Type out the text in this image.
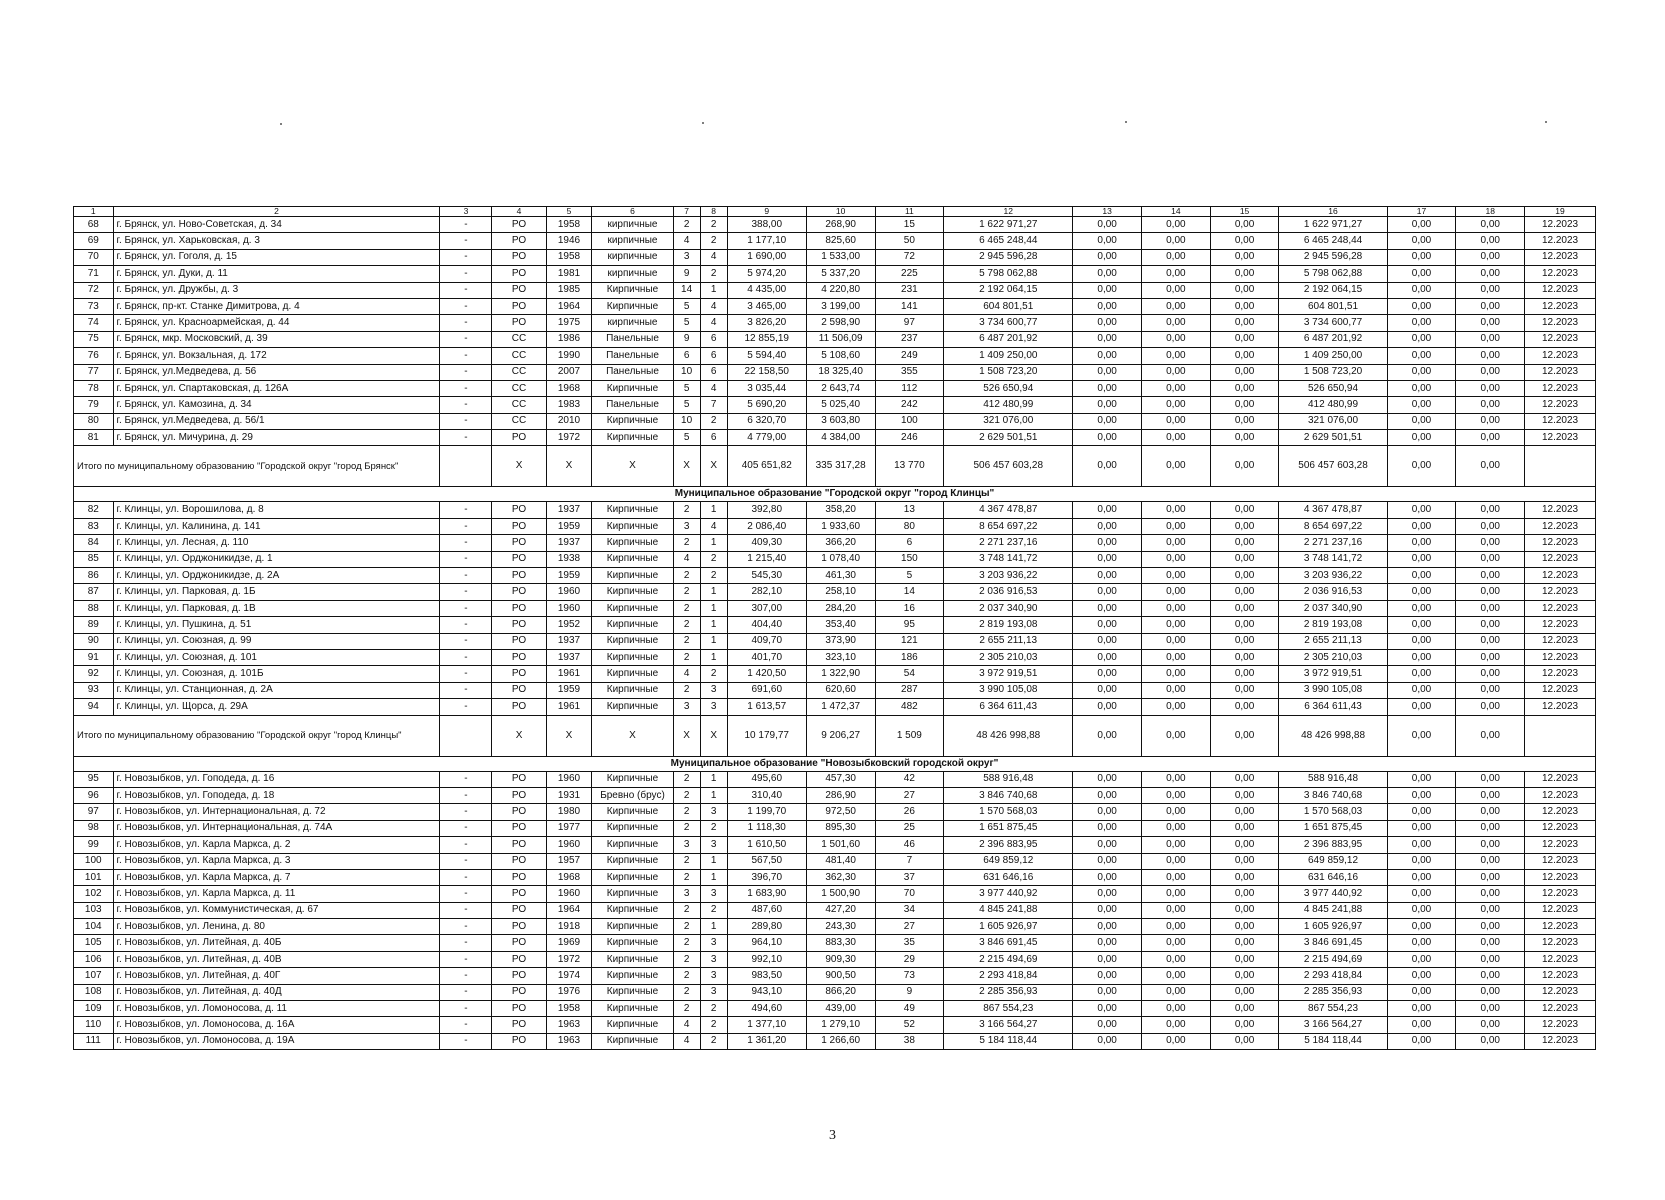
1	2	3	4	5	6	7	8	9	10	11	12	13	14	15	16	17	18	19
68	г. Брянск, ул. Ново-Советская, д. 34	-	РО	1958	кирпичные	2	2	388,00	268,90	15	1 622 971,27	0,00	0,00	0,00	1 622 971,27	0,00	0,00	12.2023
69	г. Брянск, ул. Харьковская, д. 3	-	РО	1946	кирпичные	4	2	1 177,10	825,60	50	6 465 248,44	0,00	0,00	0,00	6 465 248,44	0,00	0,00	12.2023
70	г. Брянск, ул. Гоголя, д. 15	-	РО	1958	кирпичные	3	4	1 690,00	1 533,00	72	2 945 596,28	0,00	0,00	0,00	2 945 596,28	0,00	0,00	12.2023
71	г. Брянск, ул. Дуки, д. 11	-	РО	1981	кирпичные	9	2	5 974,20	5 337,20	225	5 798 062,88	0,00	0,00	0,00	5 798 062,88	0,00	0,00	12.2023
72	г. Брянск, ул. Дружбы, д. 3	-	РО	1985	Кирпичные	14	1	4 435,00	4 220,80	231	2 192 064,15	0,00	0,00	0,00	2 192 064,15	0,00	0,00	12.2023
73	г. Брянск, пр-кт. Станке Димитрова, д. 4	-	РО	1964	Кирпичные	5	4	3 465,00	3 199,00	141	604 801,51	0,00	0,00	0,00	604 801,51	0,00	0,00	12.2023
74	г. Брянск, ул. Красноармейская, д. 44	-	РО	1975	кирпичные	5	4	3 826,20	2 598,90	97	3 734 600,77	0,00	0,00	0,00	3 734 600,77	0,00	0,00	12.2023
75	г. Брянск, мкр. Московский, д. 39	-	СС	1986	Панельные	9	6	12 855,19	11 506,09	237	6 487 201,92	0,00	0,00	0,00	6 487 201,92	0,00	0,00	12.2023
76	г. Брянск, ул. Вокзальная, д. 172	-	СС	1990	Панельные	6	6	5 594,40	5 108,60	249	1 409 250,00	0,00	0,00	0,00	1 409 250,00	0,00	0,00	12.2023
77	г. Брянск, ул.Медведева, д. 56	-	СС	2007	Панельные	10	6	22 158,50	18 325,40	355	1 508 723,20	0,00	0,00	0,00	1 508 723,20	0,00	0,00	12.2023
78	г. Брянск, ул. Спартаковская, д. 126А	-	СС	1968	Кирпичные	5	4	3 035,44	2 643,74	112	526 650,94	0,00	0,00	0,00	526 650,94	0,00	0,00	12.2023
79	г. Брянск, ул. Камозина, д. 34	-	СС	1983	Панельные	5	7	5 690,20	5 025,40	242	412 480,99	0,00	0,00	0,00	412 480,99	0,00	0,00	12.2023
80	г. Брянск, ул.Медведева, д. 56/1	-	СС	2010	Кирпичные	10	2	6 320,70	3 603,80	100	321 076,00	0,00	0,00	0,00	321 076,00	0,00	0,00	12.2023
81	г. Брянск, ул. Мичурина, д. 29	-	РО	1972	Кирпичные	5	6	4 779,00	4 384,00	246	2 629 501,51	0,00	0,00	0,00	2 629 501,51	0,00	0,00	12.2023
Итого по муниципальному образованию "Городской округ "город Брянск"			X	X	X	X	X	405 651,82	335 317,28	13 770	506 457 603,28	0,00	0,00	0,00	506 457 603,28	0,00	0,00	
Муниципальное образование "Городской округ "город Клинцы"																		
82	г. Клинцы, ул. Ворошилова, д. 8	-	РО	1937	Кирпичные	2	1	392,80	358,20	13	4 367 478,87	0,00	0,00	0,00	4 367 478,87	0,00	0,00	12.2023
83	г. Клинцы, ул. Калинина, д. 141	-	РО	1959	Кирпичные	3	4	2 086,40	1 933,60	80	8 654 697,22	0,00	0,00	0,00	8 654 697,22	0,00	0,00	12.2023
84	г. Клинцы, ул. Лесная, д. 110	-	РО	1937	Кирпичные	2	1	409,30	366,20	6	2 271 237,16	0,00	0,00	0,00	2 271 237,16	0,00	0,00	12.2023
85	г. Клинцы, ул. Орджоникидзе, д. 1	-	РО	1938	Кирпичные	4	2	1 215,40	1 078,40	150	3 748 141,72	0,00	0,00	0,00	3 748 141,72	0,00	0,00	12.2023
86	г. Клинцы, ул. Орджоникидзе, д. 2А	-	РО	1959	Кирпичные	2	2	545,30	461,30	5	3 203 936,22	0,00	0,00	0,00	3 203 936,22	0,00	0,00	12.2023
87	г. Клинцы, ул. Парковая, д. 1Б	-	РО	1960	Кирпичные	2	1	282,10	258,10	14	2 036 916,53	0,00	0,00	0,00	2 036 916,53	0,00	0,00	12.2023
88	г. Клинцы, ул. Парковая, д. 1В	-	РО	1960	Кирпичные	2	1	307,00	284,20	16	2 037 340,90	0,00	0,00	0,00	2 037 340,90	0,00	0,00	12.2023
89	г. Клинцы, ул. Пушкина, д. 51	-	РО	1952	Кирпичные	2	1	404,40	353,40	95	2 819 193,08	0,00	0,00	0,00	2 819 193,08	0,00	0,00	12.2023
90	г. Клинцы, ул. Союзная, д. 99	-	РО	1937	Кирпичные	2	1	409,70	373,90	121	2 655 211,13	0,00	0,00	0,00	2 655 211,13	0,00	0,00	12.2023
91	г. Клинцы, ул. Союзная, д. 101	-	РО	1937	Кирпичные	2	1	401,70	323,10	186	2 305 210,03	0,00	0,00	0,00	2 305 210,03	0,00	0,00	12.2023
92	г. Клинцы, ул. Союзная, д. 101Б	-	РО	1961	Кирпичные	4	2	1 420,50	1 322,90	54	3 972 919,51	0,00	0,00	0,00	3 972 919,51	0,00	0,00	12.2023
93	г. Клинцы, ул. Станционная, д. 2А	-	РО	1959	Кирпичные	2	3	691,60	620,60	287	3 990 105,08	0,00	0,00	0,00	3 990 105,08	0,00	0,00	12.2023
94	г. Клинцы, ул. Щорса, д. 29А	-	РО	1961	Кирпичные	3	3	1 613,57	1 472,37	482	6 364 611,43	0,00	0,00	0,00	6 364 611,43	0,00	0,00	12.2023
Итого по муниципальному образованию "Городской округ "город Клинцы"			X	X	X	X	X	10 179,77	9 206,27	1 509	48 426 998,88	0,00	0,00	0,00	48 426 998,88	0,00	0,00	
Муниципальное образование "Новозыбковский городской округ"																		
95	г. Новозыбков, ул. Гоподеда, д. 16	-	РО	1960	Кирпичные	2	1	495,60	457,30	42	588 916,48	0,00	0,00	0,00	588 916,48	0,00	0,00	12.2023
96	г. Новозыбков, ул. Гоподеда, д. 18	-	РО	1931	Бревно (брус)	2	1	310,40	286,90	27	3 846 740,68	0,00	0,00	0,00	3 846 740,68	0,00	0,00	12.2023
97	г. Новозыбков, ул. Интернациональная, д. 72	-	РО	1980	Кирпичные	2	3	1 199,70	972,50	26	1 570 568,03	0,00	0,00	0,00	1 570 568,03	0,00	0,00	12.2023
98	г. Новозыбков, ул. Интернациональная, д. 74А	-	РО	1977	Кирпичные	2	2	1 118,30	895,30	25	1 651 875,45	0,00	0,00	0,00	1 651 875,45	0,00	0,00	12.2023
99	г. Новозыбков, ул. Карла Маркса, д. 2	-	РО	1960	Кирпичные	3	3	1 610,50	1 501,60	46	2 396 883,95	0,00	0,00	0,00	2 396 883,95	0,00	0,00	12.2023
100	г. Новозыбков, ул. Карла Маркса, д. 3	-	РО	1957	Кирпичные	2	1	567,50	481,40	7	649 859,12	0,00	0,00	0,00	649 859,12	0,00	0,00	12.2023
101	г. Новозыбков, ул. Карла Маркса, д. 7	-	РО	1968	Кирпичные	2	1	396,70	362,30	37	631 646,16	0,00	0,00	0,00	631 646,16	0,00	0,00	12.2023
102	г. Новозыбков, ул. Карла Маркса, д. 11	-	РО	1960	Кирпичные	3	3	1 683,90	1 500,90	70	3 977 440,92	0,00	0,00	0,00	3 977 440,92	0,00	0,00	12.2023
103	г. Новозыбков, ул. Коммунистическая, д. 67	-	РО	1964	Кирпичные	2	2	487,60	427,20	34	4 845 241,88	0,00	0,00	0,00	4 845 241,88	0,00	0,00	12.2023
104	г. Новозыбков, ул. Ленина, д. 80	-	РО	1918	Кирпичные	2	1	289,80	243,30	27	1 605 926,97	0,00	0,00	0,00	1 605 926,97	0,00	0,00	12.2023
105	г. Новозыбков, ул. Литейная, д. 40Б	-	РО	1969	Кирпичные	2	3	964,10	883,30	35	3 846 691,45	0,00	0,00	0,00	3 846 691,45	0,00	0,00	12.2023
106	г. Новозыбков, ул. Литейная, д. 40В	-	РО	1972	Кирпичные	2	3	992,10	909,30	29	2 215 494,69	0,00	0,00	0,00	2 215 494,69	0,00	0,00	12.2023
107	г. Новозыбков, ул. Литейная, д. 40Г	-	РО	1974	Кирпичные	2	3	983,50	900,50	73	2 293 418,84	0,00	0,00	0,00	2 293 418,84	0,00	0,00	12.2023
108	г. Новозыбков, ул. Литейная, д. 40Д	-	РО	1976	Кирпичные	2	3	943,10	866,20	9	2 285 356,93	0,00	0,00	0,00	2 285 356,93	0,00	0,00	12.2023
109	г. Новозыбков, ул. Ломоносова, д. 11	-	РО	1958	Кирпичные	2	2	494,60	439,00	49	867 554,23	0,00	0,00	0,00	867 554,23	0,00	0,00	12.2023
110	г. Новозыбков, ул. Ломоносова, д. 16А	-	РО	1963	Кирпичные	4	2	1 377,10	1 279,10	52	3 166 564,27	0,00	0,00	0,00	3 166 564,27	0,00	0,00	12.2023
111	г. Новозыбков, ул. Ломоносова, д. 19А	-	РО	1963	Кирпичные	4	2	1 361,20	1 266,60	38	5 184 118,44	0,00	0,00	0,00	5 184 118,44	0,00	0,00	12.2023
3
